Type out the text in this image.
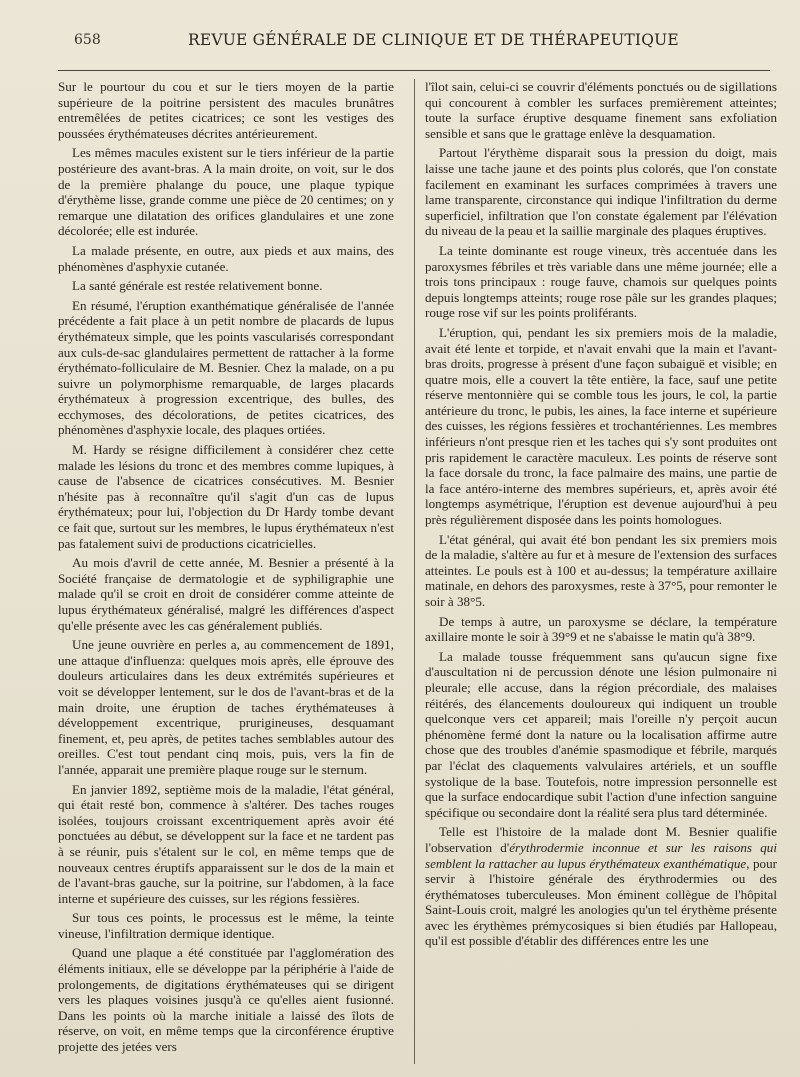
658	REVUE GÉNÉRALE DE CLINIQUE ET DE THÉRAPEUTIQUE

Sur le pourtour du cou et sur le tiers moyen de la partie supérieure de la poitrine persistent des macules brunâtres entremêlées de petites cicatrices; ce sont les vestiges des poussées érythémateuses décrites antérieurement.

Les mêmes macules existent sur le tiers inférieur de la partie postérieure des avant-bras. A la main droite, on voit, sur le dos de la première phalange du pouce, une plaque typique d'érythème lisse, grande comme une pièce de 20 centimes; on y remarque une dilatation des orifices glandulaires et une zone décolorée; elle est indurée.

La malade présente, en outre, aux pieds et aux mains, des phénomènes d'asphyxie cutanée.

La santé générale est restée relativement bonne.

En résumé, l'éruption exanthématique généralisée de l'année précédente a fait place à un petit nombre de placards de lupus érythémateux simple, que les points vascularisés correspondant aux culs-de-sac glandulaires permettent de rattacher à la forme érythémato-folliculaire de M. Besnier. Chez la malade, on a pu suivre un polymorphisme remarquable, de larges placards érythémateux à progression excentrique, des bulles, des ecchymoses, des décolorations, de petites cicatrices, des phénomènes d'asphyxie locale, des plaques ortiées.

M. Hardy se résigne difficilement à considérer chez cette malade les lésions du tronc et des membres comme lupiques, à cause de l'absence de cicatrices consécutives. M. Besnier n'hésite pas à reconnaître qu'il s'agit d'un cas de lupus érythémateux; pour lui, l'objection du Dr Hardy tombe devant ce fait que, surtout sur les membres, le lupus érythémateux n'est pas fatalement suivi de productions cicatricielles.

Au mois d'avril de cette année, M. Besnier a présenté à la Société française de dermatologie et de syphiligraphie une malade qu'il se croit en droit de considérer comme atteinte de lupus érythémateux généralisé, malgré les différences d'aspect qu'elle présente avec les cas généralement publiés.

Une jeune ouvrière en perles a, au commencement de 1891, une attaque d'influenza: quelques mois après, elle éprouve des douleurs articulaires dans les deux extrémités supérieures et voit se développer lentement, sur le dos de l'avant-bras et de la main droite, une éruption de taches érythémateuses à développement excentrique, prurigineuses, desquamant finement, et, peu après, de petites taches semblables autour des oreilles. C'est tout pendant cinq mois, puis, vers la fin de l'année, apparait une première plaque rouge sur le sternum.

En janvier 1892, septième mois de la maladie, l'état général, qui était resté bon, commence à s'altérer. Des taches rouges isolées, toujours croissant excentriquement après avoir été ponctuées au début, se développent sur la face et ne tardent pas à se réunir, puis s'étalent sur le col, en même temps que de nouveaux centres éruptifs apparaissent sur le dos de la main et de l'avant-bras gauche, sur la poitrine, sur l'abdomen, à la face interne et supérieure des cuisses, sur les régions fessières.

Sur tous ces points, le processus est le même, la teinte vineuse, l'infiltration dermique identique.

Quand une plaque a été constituée par l'agglomération des éléments initiaux, elle se développe par la périphérie à l'aide de prolongements, de digitations érythémateuses qui se dirigent vers les plaques voisines jusqu'à ce qu'elles aient fusionné. Dans les points où la marche initiale a laissé des îlots de réserve, on voit, en même temps que la circonférence éruptive projette des jetées vers

l'îlot sain, celui-ci se couvrir d'éléments ponctués ou de sigillations qui concourent à combler les surfaces premièrement atteintes; toute la surface éruptive desquame finement sans exfoliation sensible et sans que le grattage enlève la desquamation.

Partout l'érythème disparait sous la pression du doigt, mais laisse une tache jaune et des points plus colorés, que l'on constate facilement en examinant les surfaces comprimées à travers une lame transparente, circonstance qui indique l'infiltration du derme superficiel, infiltration que l'on constate également par l'élévation du niveau de la peau et la saillie marginale des plaques éruptives.

La teinte dominante est rouge vineux, très accentuée dans les paroxysmes fébriles et très variable dans une même journée; elle a trois tons principaux : rouge fauve, chamois sur quelques points depuis longtemps atteints; rouge rose pâle sur les grandes plaques; rouge rose vif sur les points proliférants.

L'éruption, qui, pendant les six premiers mois de la maladie, avait été lente et torpide, et n'avait envahi que la main et l'avant-bras droits, progresse à présent d'une façon subaiguë et visible; en quatre mois, elle a couvert la tête entière, la face, sauf une petite réserve mentonnière qui se comble tous les jours, le col, la partie antérieure du tronc, le pubis, les aines, la face interne et supérieure des cuisses, les régions fessières et trochantériennes. Les membres inférieurs n'ont presque rien et les taches qui s'y sont produites ont pris rapidement le caractère maculeux. Les points de réserve sont la face dorsale du tronc, la face palmaire des mains, une partie de la face antéro-interne des membres supérieurs, et, après avoir été longtemps asymétrique, l'éruption est devenue aujourd'hui à peu près régulièrement disposée dans les points homologues.

L'état général, qui avait été bon pendant les six premiers mois de la maladie, s'altère au fur et à mesure de l'extension des surfaces atteintes. Le pouls est à 100 et au-dessus; la température axillaire matinale, en dehors des paroxysmes, reste à 37°5, pour remonter le soir à 38°5.

De temps à autre, un paroxysme se déclare, la température axillaire monte le soir à 39°9 et ne s'abaisse le matin qu'à 38°9.

La malade tousse fréquemment sans qu'aucun signe fixe d'auscultation ni de percussion dénote une lésion pulmonaire ni pleurale; elle accuse, dans la région précordiale, des malaises réitérés, des élancements douloureux qui indiquent un trouble quelconque vers cet appareil; mais l'oreille n'y perçoit aucun phénomène fermé dont la nature ou la localisation affirme autre chose que des troubles d'anémie spasmodique et fébrile, marqués par l'éclat des claquements valvulaires artériels, et un souffle systolique de la base. Toutefois, notre impression personnelle est que la surface endocardique subit l'action d'une infection sanguine spécifique ou secondaire dont la réalité sera plus tard déterminée.

Telle est l'histoire de la malade dont M. Besnier qualifie l'observation d'érythrodermie inconnue et sur les raisons qui semblent la rattacher au lupus érythémateux exanthématique, pour servir à l'histoire générale des érythrodermies ou des érythématoses tuberculeuses. Mon éminent collègue de l'hôpital Saint-Louis croit, malgré les anologies qu'un tel érythème présente avec les érythèmes prémycosiques si bien étudiés par Hallopeau, qu'il est possible d'établir des différences entre les une
